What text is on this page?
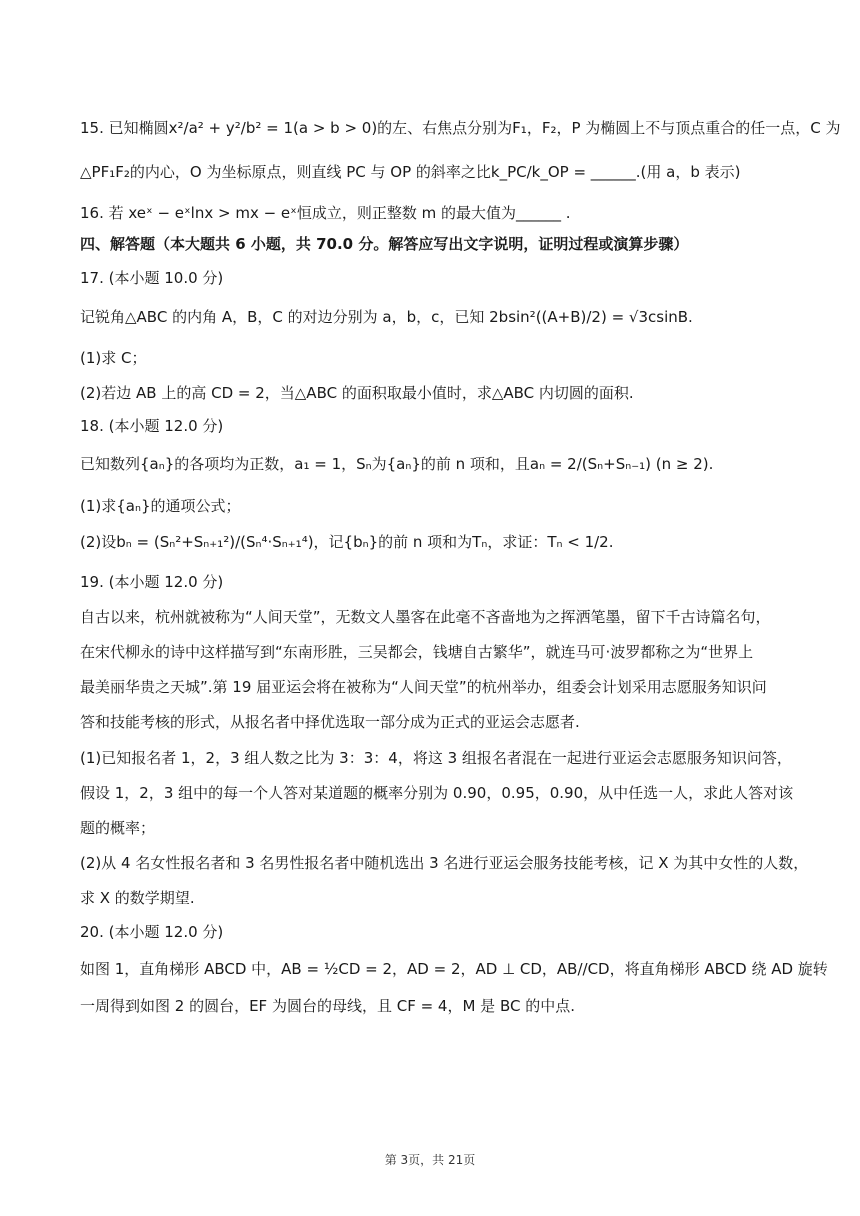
15. 已知椭圆x²/a² + y²/b² = 1(a > b > 0)的左、右焦点分别为F₁，F₂，P 为椭圆上不与顶点重合的任一点，C 为
△PF₁F₂的内心，O 为坐标原点，则直线 PC 与 OP 的斜率之比k_PC/k_OP = ______.(用 a，b 表示)
16. 若 xeˣ − eˣlnx > mx − eˣ恒成立，则正整数 m 的最大值为______ .
四、解答题（本大题共 6 小题，共 70.0 分。解答应写出文字说明，证明过程或演算步骤）
17. (本小题 10.0 分)
记锐角△ABC 的内角 A，B，C 的对边分别为 a，b，c，已知 2bsin²((A+B)/2) = √3csinB.
(1)求 C；
(2)若边 AB 上的高 CD = 2，当△ABC 的面积取最小值时，求△ABC 内切圆的面积.
18. (本小题 12.0 分)
已知数列{aₙ}的各项均为正数，a₁ = 1，Sₙ为{aₙ}的前 n 项和，且aₙ = 2/(Sₙ+Sₙ₋₁) (n ≥ 2).
(1)求{aₙ}的通项公式；
(2)设bₙ = (Sₙ²+Sₙ₊₁²)/(Sₙ⁴·Sₙ₊₁⁴)，记{bₙ}的前 n 项和为Tₙ，求证：Tₙ < 1/2.
19. (本小题 12.0 分)
自古以来，杭州就被称为“人间天堂”，无数文人墨客在此毫不吝啬地为之挥洒笔墨，留下千古诗篇名句，
在宋代柳永的诗中这样描写到“东南形胜，三吴都会，钱塘自古繁华”，就连马可·波罗都称之为“世界上
最美丽华贵之天城”.第 19 届亚运会将在被称为“人间天堂”的杭州举办，组委会计划采用志愿服务知识问
答和技能考核的形式，从报名者中择优选取一部分成为正式的亚运会志愿者.
(1)已知报名者 1，2，3 组人数之比为 3：3：4，将这 3 组报名者混在一起进行亚运会志愿服务知识问答，
假设 1，2，3 组中的每一个人答对某道题的概率分别为 0.90，0.95，0.90，从中任选一人，求此人答对该
题的概率；
(2)从 4 名女性报名者和 3 名男性报名者中随机选出 3 名进行亚运会服务技能考核，记 X 为其中女性的人数，
求 X 的数学期望.
20. (本小题 12.0 分)
如图 1，直角梯形 ABCD 中，AB = ½CD = 2，AD = 2，AD ⊥ CD，AB//CD，将直角梯形 ABCD 绕 AD 旋转
一周得到如图 2 的圆台，EF 为圆台的母线，且 CF = 4，M 是 BC 的中点.
第 3页，共 21页
